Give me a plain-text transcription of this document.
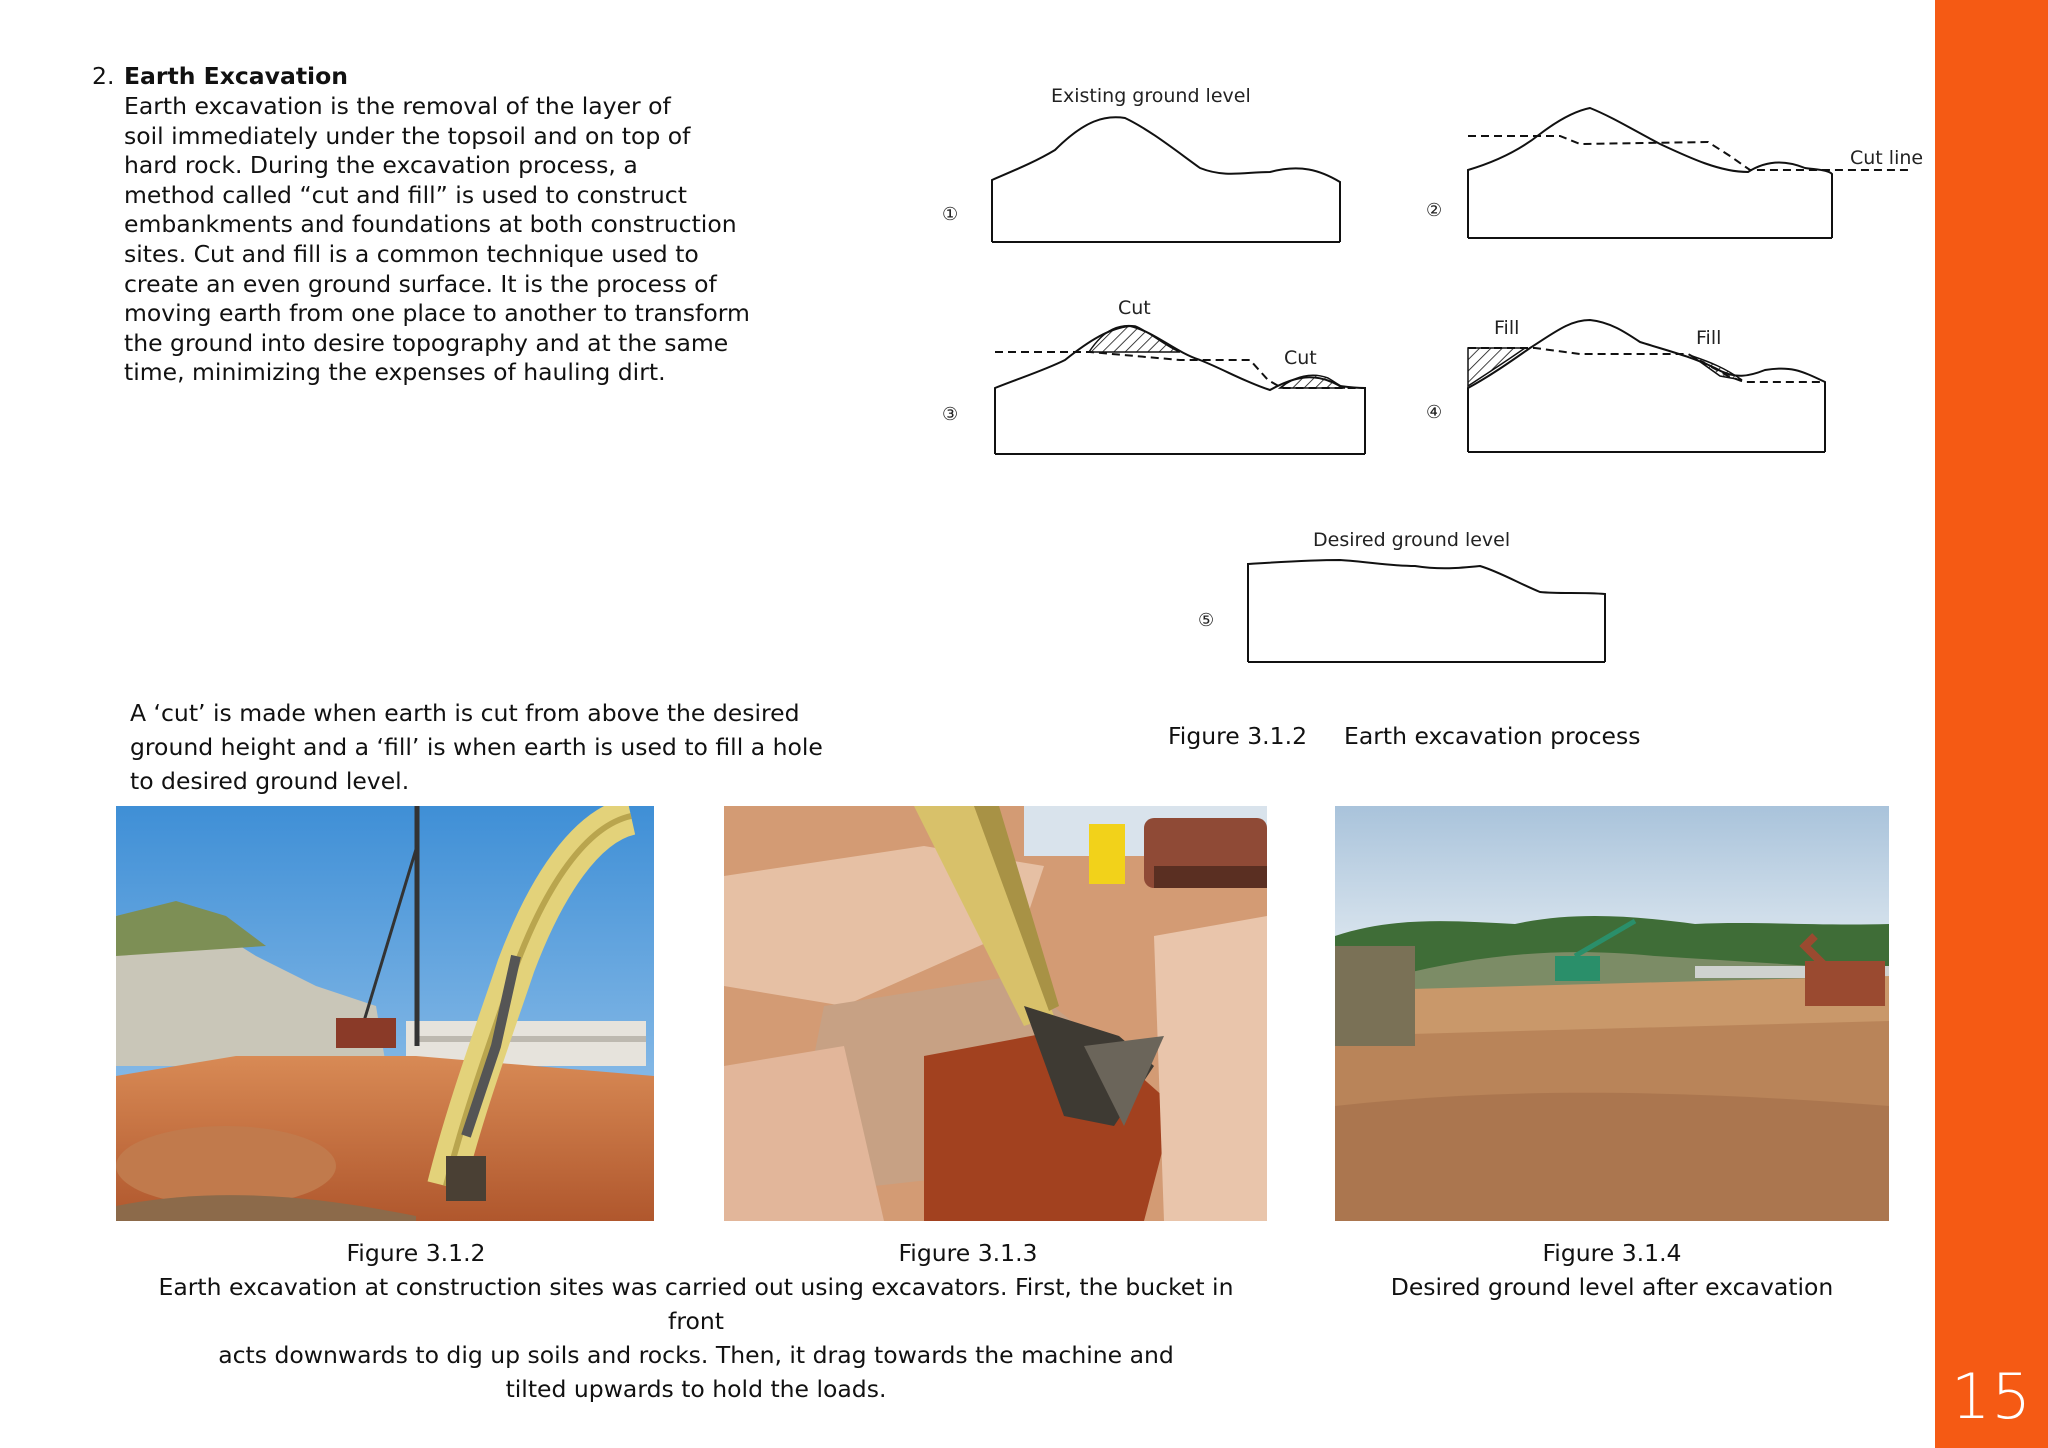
15
2. Earth Excavation
Earth excavation is the removal of the layer of
soil immediately under the topsoil and on top of
hard rock. During the excavation process, a
method called “cut and fill” is used to construct
embankments and foundations at both construction
sites. Cut and fill is a common technique used to
create an even ground surface. It is the process of
moving earth from one place to another to transform
the ground into desire topography and at the same
time, minimizing the expenses of hauling dirt.
Existing ground level
①
Cut line
②
Cut
Cut
③
Fill	Fill
④
Desired ground level
⑤
Figure 3.1.2 Earth excavation process
A ‘cut’ is made when earth is cut from above the desired
ground height and a ‘fill’ is when earth is used to fill a hole
to desired ground level.
Figure 3.1.2	Figure 3.1.3
Earth excavation at construction sites was carried out using excavators. First, the bucket in front
acts downwards to dig up soils and rocks. Then, it drag towards the machine and
tilted upwards to hold the loads.
Figure 3.1.4
Desired ground level after excavation
